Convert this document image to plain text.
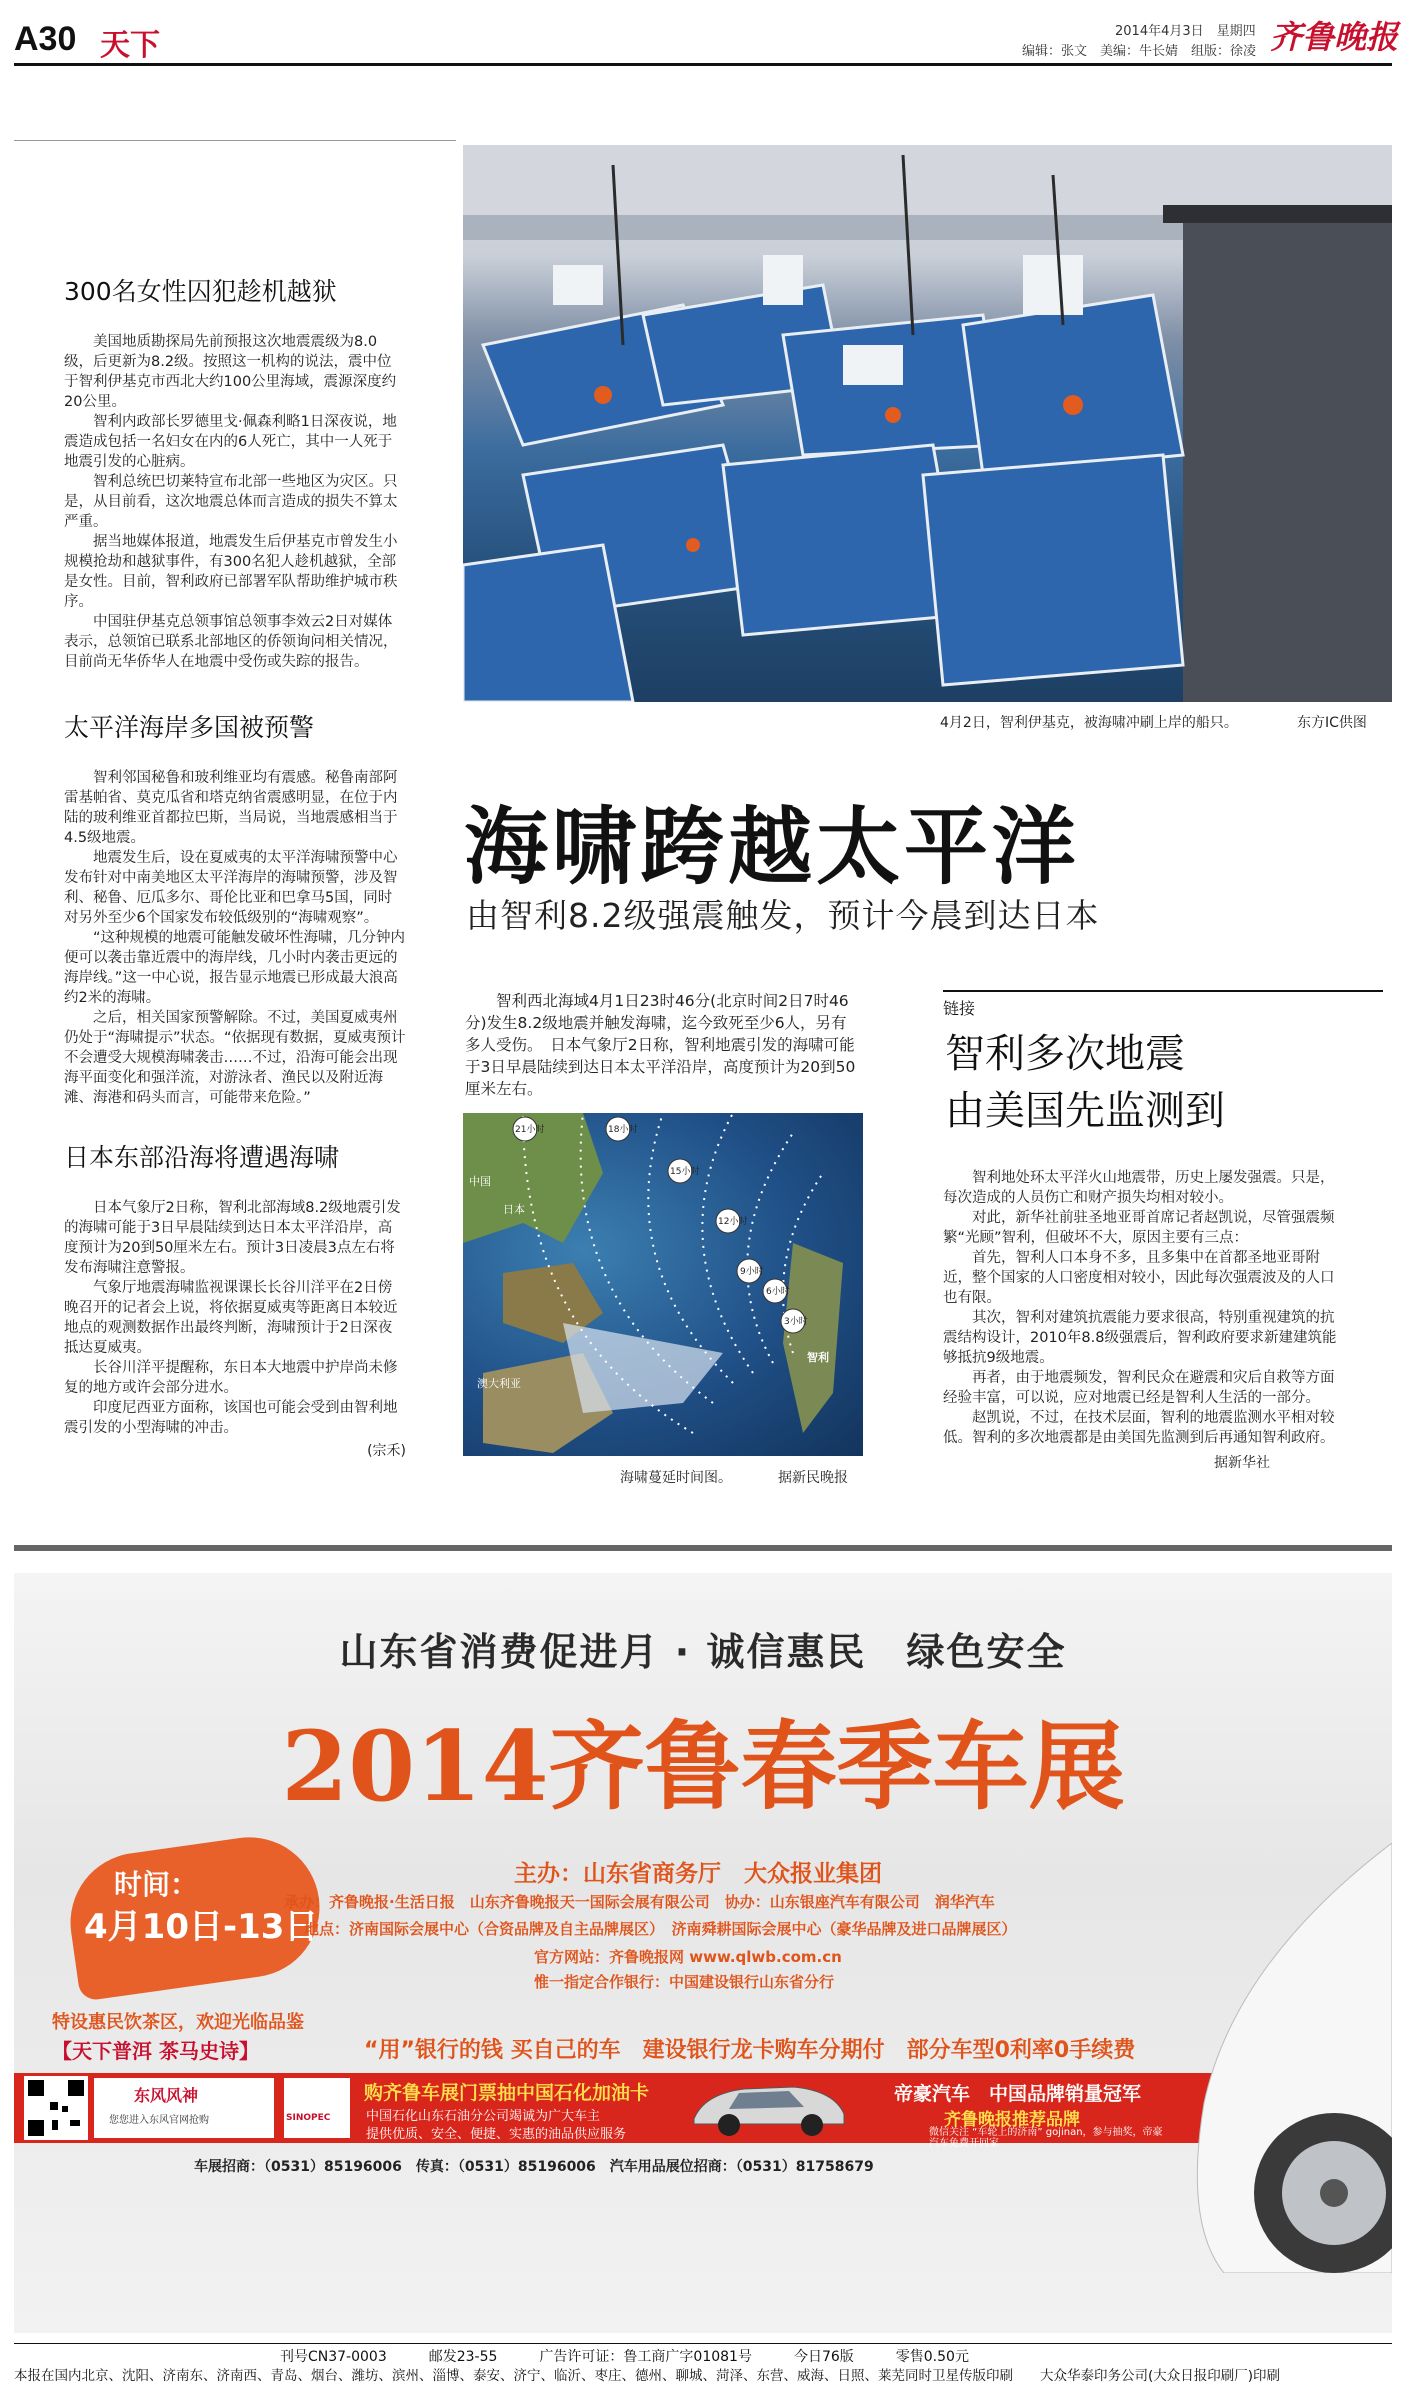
A30 天下	2014年4月3日　星期四
编辑：张文　美编：牛长婧　组版：徐凌 齐鲁晚报
300名女性囚犯趁机越狱

美国地质勘探局先前预报这次地震震级为8.0级，后更新为8.2级。按照这一机构的说法，震中位于智利伊基克市西北大约100公里海域，震源深度约20公里。

智利内政部长罗德里戈·佩森利略1日深夜说，地震造成包括一名妇女在内的6人死亡，其中一人死于地震引发的心脏病。

智利总统巴切莱特宣布北部一些地区为灾区。只是，从目前看，这次地震总体而言造成的损失不算太严重。

据当地媒体报道，地震发生后伊基克市曾发生小规模抢劫和越狱事件，有300名犯人趁机越狱，全部是女性。目前，智利政府已部署军队帮助维护城市秩序。

中国驻伊基克总领事馆总领事李效云2日对媒体表示，总领馆已联系北部地区的侨领询问相关情况，目前尚无华侨华人在地震中受伤或失踪的报告。

太平洋海岸多国被预警

智利邻国秘鲁和玻利维亚均有震感。秘鲁南部阿雷基帕省、莫克瓜省和塔克纳省震感明显，在位于内陆的玻利维亚首都拉巴斯，当局说，当地震感相当于4.5级地震。

地震发生后，设在夏威夷的太平洋海啸预警中心发布针对中南美地区太平洋海岸的海啸预警，涉及智利、秘鲁、厄瓜多尔、哥伦比亚和巴拿马5国，同时对另外至少6个国家发布较低级别的“海啸观察”。

“这种规模的地震可能触发破坏性海啸，几分钟内便可以袭击靠近震中的海岸线，几小时内袭击更远的海岸线。”这一中心说，报告显示地震已形成最大浪高约2米的海啸。

之后，相关国家预警解除。不过，美国夏威夷州仍处于“海啸提示”状态。“依据现有数据，夏威夷预计不会遭受大规模海啸袭击……不过，沿海可能会出现海平面变化和强洋流，对游泳者、渔民以及附近海滩、海港和码头而言，可能带来危险。”

日本东部沿海将遭遇海啸

日本气象厅2日称，智利北部海域8.2级地震引发的海啸可能于3日早晨陆续到达日本太平洋沿岸，高度预计为20到50厘米左右。预计3日凌晨3点左右将发布海啸注意警报。

气象厅地震海啸监视课课长长谷川洋平在2日傍晚召开的记者会上说，将依据夏威夷等距离日本较近地点的观测数据作出最终判断，海啸预计于2日深夜抵达夏威夷。

长谷川洋平提醒称，东日本大地震中护岸尚未修复的地方或许会部分进水。

印度尼西亚方面称，该国也可能会受到由智利地震引发的小型海啸的冲击。

(宗禾)
4月2日，智利伊基克，被海啸冲刷上岸的船只。	东方IC供图
海啸跨越太平洋
由智利8.2级强震触发，预计今晨到达日本

智利西北海域4月1日23时46分(北京时间2日7时46分)发生8.2级地震并触发海啸，迄今致死至少6人，另有多人受伤。　日本气象厅2日称，智利地震引发的海啸可能于3日早晨陆续到达日本太平洋沿岸，高度预计为20到50厘米左右。

21小时	18小时
15小时
12小时
9小时
6小时
3小时
中国
日本
澳大利亚
智利
海啸蔓延时间图。	据新民晚报
链接
智利多次地震
由美国先监测到

智利地处环太平洋火山地震带，历史上屡发强震。只是，每次造成的人员伤亡和财产损失均相对较小。

对此，新华社前驻圣地亚哥首席记者赵凯说，尽管强震频繁“光顾”智利，但破坏不大，原因主要有三点：

首先，智利人口本身不多，且多集中在首都圣地亚哥附近，整个国家的人口密度相对较小，因此每次强震波及的人口也有限。

其次，智利对建筑抗震能力要求很高，特别重视建筑的抗震结构设计，2010年8.8级强震后，智利政府要求新建建筑能够抵抗9级地震。

再者，由于地震频发，智利民众在避震和灾后自救等方面经验丰富，可以说，应对地震已经是智利人生活的一部分。

赵凯说，不过，在技术层面，智利的地震监测水平相对较低。智利的多次地震都是由美国先监测到后再通知智利政府。

据新华社
山东省消费促进月 · 诚信惠民　绿色安全
2014齐鲁春季车展
时间：
4月10日-13日
主办：山东省商务厅　大众报业集团
承办：齐鲁晚报·生活日报　山东齐鲁晚报天一国际会展有限公司　协办：山东银座汽车有限公司　润华汽车
地点：济南国际会展中心（合资品牌及自主品牌展区）　济南舜耕国际会展中心（豪华品牌及进口品牌展区）
官方网站：齐鲁晚报网 www.qlwb.com.cn
惟一指定合作银行：中国建设银行山东省分行
特设惠民饮茶区，欢迎光临品鉴
【天下普洱 茶马史诗】	“用”银行的钱 买自己的车　建设银行龙卡购车分期付　部分车型0利率0手续费
东风风神
您您进入东风官网抢购	SINOPEC
购齐鲁车展门票抽中国石化加油卡
中国石化山东石油分公司竭诚为广大车主
提供优质、安全、便捷、实惠的油品供应服务
帝豪汽车　中国品牌销量冠军
齐鲁晚报推荐品牌
微信关注 “车轮上的济南” gojinan，参与抽奖，帝豪汽车免费开回家
车展招商：（0531）85196006　传真：（0531）85196006　汽车用品展位招商：（0531）81758679
刊号CN37-0003　　　邮发23-55　　　广告许可证：鲁工商广字01081号　　　今日76版　　　零售0.50元
本报在国内北京、沈阳、济南东、济南西、青岛、烟台、潍坊、滨州、淄博、泰安、济宁、临沂、枣庄、德州、聊城、菏泽、东营、威海、日照、莱芜同时卫星传版印刷　　大众华泰印务公司(大众日报印刷厂)印刷
